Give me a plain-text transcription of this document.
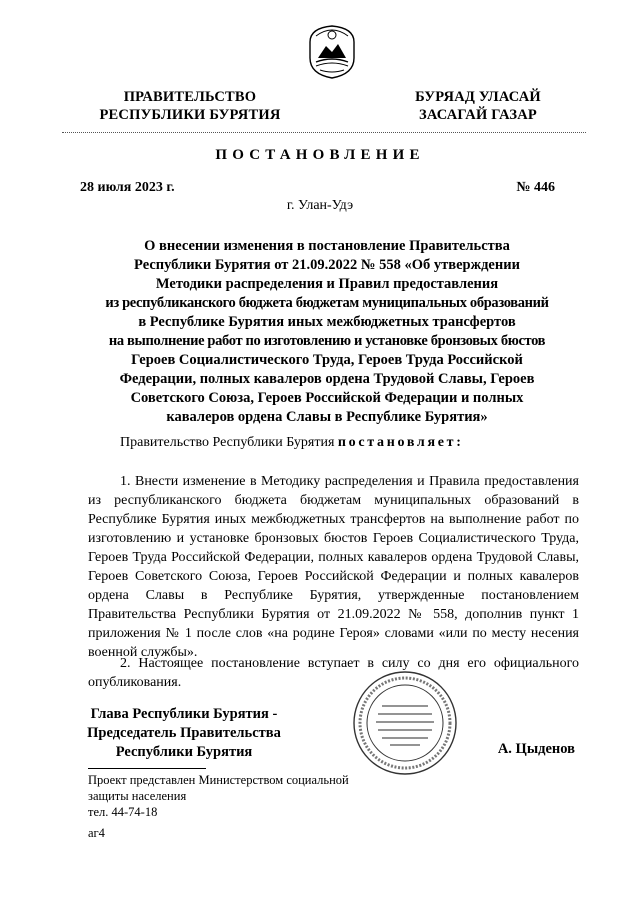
ПРАВИТЕЛЬСТВО
РЕСПУБЛИКИ БУРЯТИЯ
БУРЯАД УЛАСАЙ
ЗАСАГАЙ ГАЗАР
ПОСТАНОВЛЕНИЕ
28 июля 2023 г.	№ 446
г. Улан-Удэ
О внесении изменения в постановление Правительства
Республики Бурятия от 21.09.2022 № 558 «Об утверждении
Методики распределения и Правил предоставления
из республиканского бюджета бюджетам муниципальных образований
в Республике Бурятия иных межбюджетных трансфертов
на выполнение работ по изготовлению и установке бронзовых бюстов
Героев Социалистического Труда, Героев Труда Российской
Федерации, полных кавалеров ордена Трудовой Славы, Героев
Советского Союза, Героев Российской Федерации и полных
кавалеров ордена Славы в Республике Бурятия»
Правительство Республики Бурятия постановляет:
1. Внести изменение в Методику распределения и Правила предоставления из республиканского бюджета бюджетам муниципальных образований в Республике Бурятия иных межбюджетных трансфертов на выполнение работ по изготовлению и установке бронзовых бюстов Героев Социалистического Труда, Героев Труда Российской Федерации, полных кавалеров ордена Трудовой Славы, Героев Советского Союза, Героев Российской Федерации и полных кавалеров ордена Славы в Республике Бурятия, утвержденные постановлением Правительства Республики Бурятия от 21.09.2022 № 558, дополнив пункт 1 приложения № 1 после слов «на родине Героя» словами «или по месту несения военной службы».
2. Настоящее постановление вступает в силу со дня его официального опубликования.
Глава Республики Бурятия -
Председатель Правительства
Республики Бурятия	А. Цыденов
Проект представлен Министерством социальной
защиты населения
тел. 44-74-18
аг4
